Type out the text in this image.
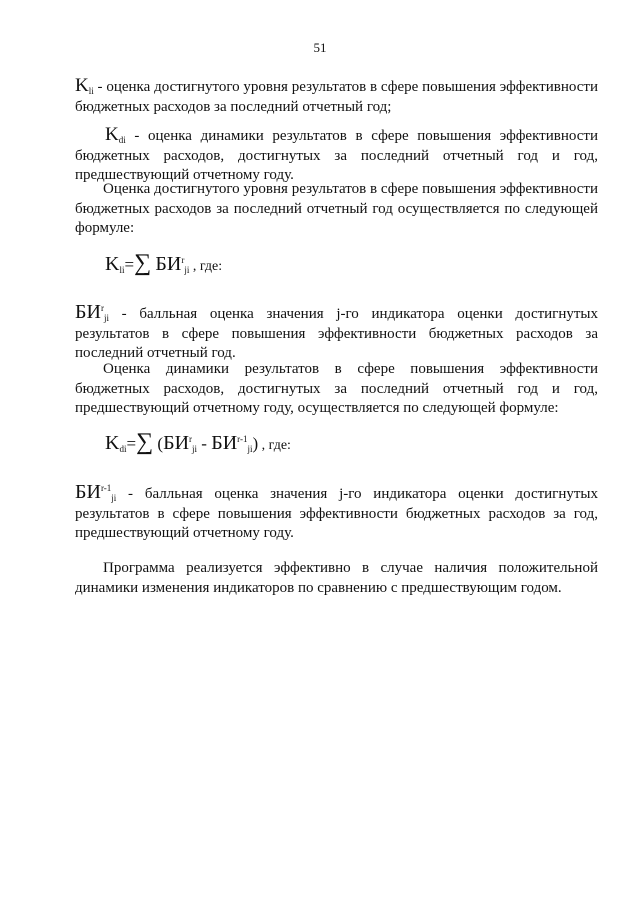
51
$K_{li}$ - оценка достигнутого уровня результатов в сфере повышения эффективности бюджетных расходов за последний отчетный год;
$K_{di}$ - оценка динамики результатов в сфере повышения эффективности бюджетных расходов, достигнутых за последний отчетный год и год, предшествующий отчетному году.
Оценка достигнутого уровня результатов в сфере повышения эффективности бюджетных расходов за последний отчетный год осуществляется по следующей формуле:
$K_{li}=\sum$ $БИ^r_{ji}$ , где:
$БИ^r_{ji}$ - балльная оценка значения j-го индикатора оценки достигнутых результатов в сфере повышения эффективности бюджетных расходов за последний отчетный год.
Оценка динамики результатов в сфере повышения эффективности бюджетных расходов, достигнутых за последний отчетный год и год, предшествующий отчетному году, осуществляется по следующей формуле:
$K_{di}=\sum$ $(БИ^r_{ji} - БИ^{r-1}_{ji})$ , где:
$БИ^{r-1}_{ji}$ - балльная оценка значения j-го индикатора оценки достигнутых результатов в сфере повышения эффективности бюджетных расходов за год, предшествующий отчетному году.
Программа реализуется эффективно в случае наличия положительной динамики изменения индикаторов по сравнению с предшествующим годом.
